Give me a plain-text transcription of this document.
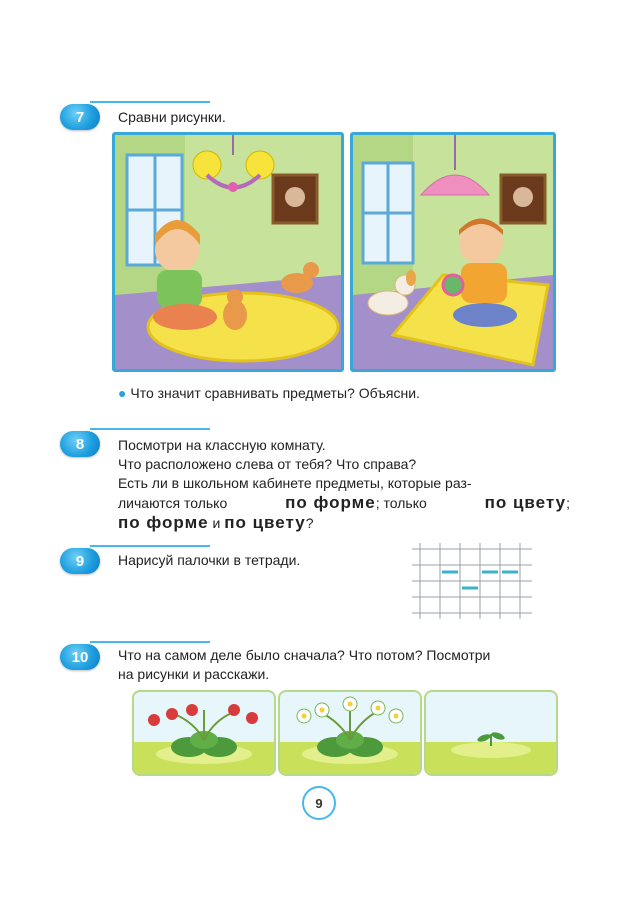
7 Сравни рисунки.
● Что значит сравнивать предметы? Объясни.
8 Посмотри на классную комнату.
Что расположено слева от тебя? Что справа?
Есть ли в школьном кабинете предметы, которые раз-
личаются только	по форме; только	по цвету;
по форме и по цвету?
9 Нарисуй палочки в тетради.
10 Что на самом деле было сначала? Что потом? Посмотри
на рисунки и расскажи.
9
